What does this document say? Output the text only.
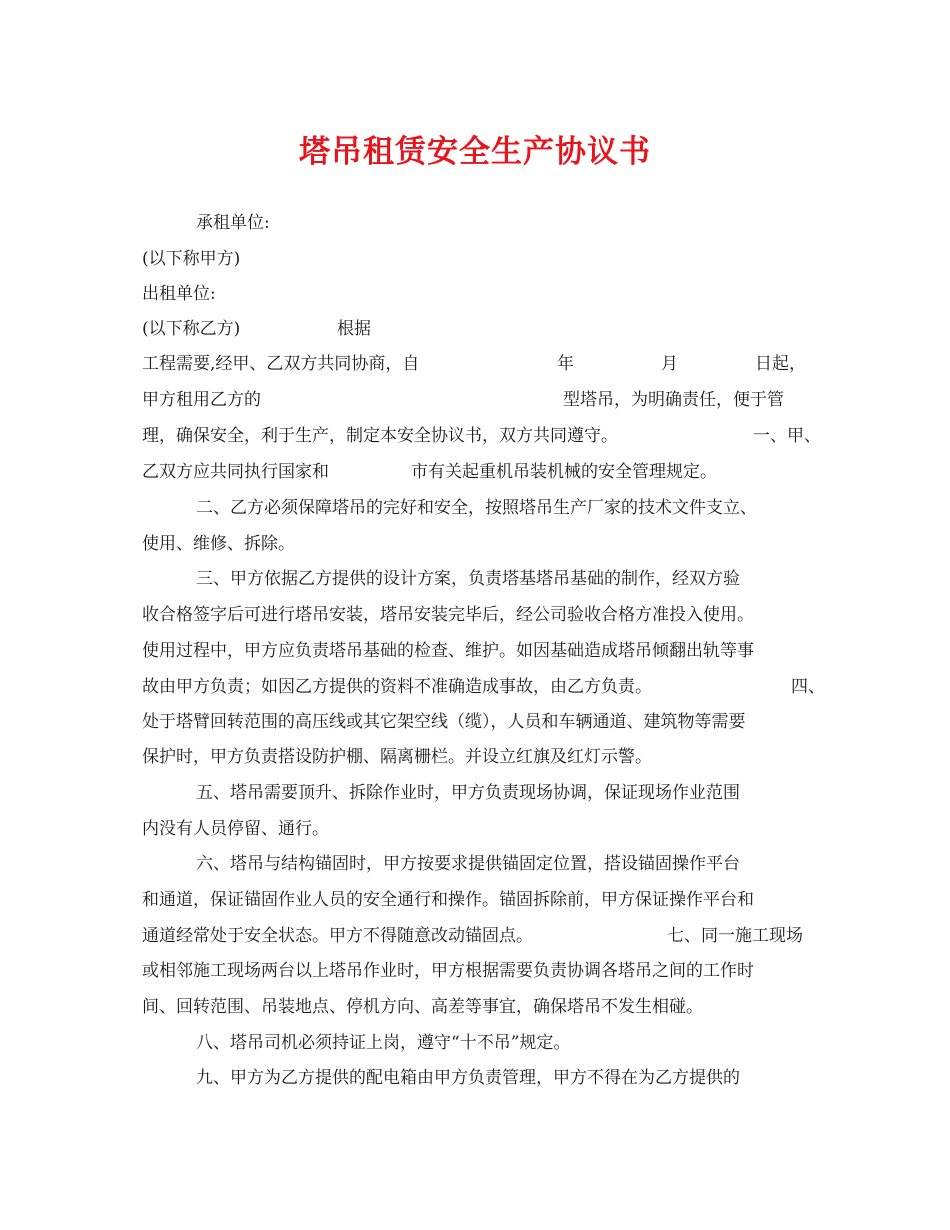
塔吊租赁安全生产协议书
承租单位:
(以下称甲方)
出租单位:
(以下称乙方)	根据
工程需要,经甲、乙双方共同协商，自	年	月	日起，
甲方租用乙方的	型塔吊，为明确责任，便于管
理，确保安全，利于生产，制定本安全协议书，双方共同遵守。	一、甲、
乙双方应共同执行国家和	市有关起重机吊装机械的安全管理规定。
二、乙方必须保障塔吊的完好和安全，按照塔吊生产厂家的技术文件支立、
使用、维修、拆除。
三、甲方依据乙方提供的设计方案，负责塔基塔吊基础的制作，经双方验
收合格签字后可进行塔吊安装，塔吊安装完毕后，经公司验收合格方准投入使用。
使用过程中，甲方应负责塔吊基础的检查、维护。如因基础造成塔吊倾翻出轨等事
故由甲方负责；如因乙方提供的资料不准确造成事故，由乙方负责。	四、
处于塔臂回转范围的高压线或其它架空线（缆），人员和车辆通道、建筑物等需要
保护时，甲方负责搭设防护棚、隔离栅栏。并设立红旗及红灯示警。
五、塔吊需要顶升、拆除作业时，甲方负责现场协调，保证现场作业范围
内没有人员停留、通行。
六、塔吊与结构锚固时，甲方按要求提供锚固定位置，搭设锚固操作平台
和通道，保证锚固作业人员的安全通行和操作。锚固拆除前，甲方保证操作平台和
通道经常处于安全状态。甲方不得随意改动锚固点。	七、同一施工现场
或相邻施工现场两台以上塔吊作业时，甲方根据需要负责协调各塔吊之间的工作时
间、回转范围、吊装地点、停机方向、高差等事宜，确保塔吊不发生相碰。
八、塔吊司机必须持证上岗，遵守“十不吊”规定。
九、甲方为乙方提供的配电箱由甲方负责管理，甲方不得在为乙方提供的
